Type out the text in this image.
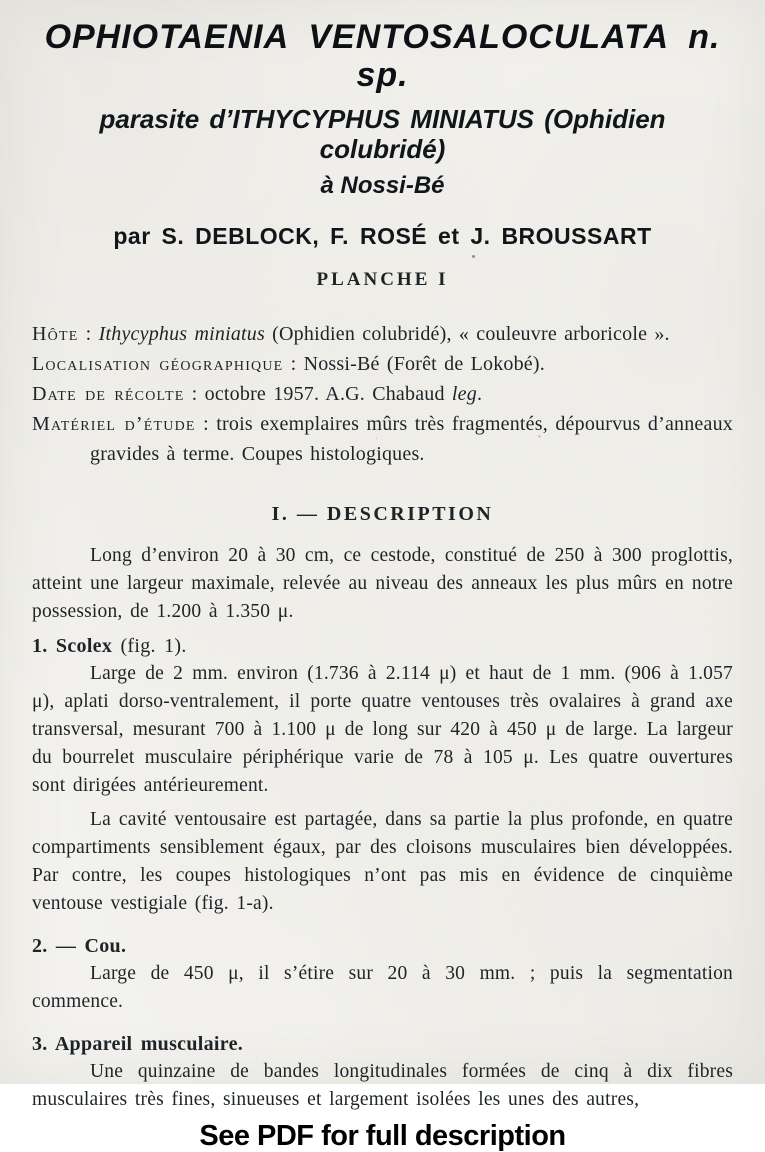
OPHIOTAENIA VENTOSALOCULATA n. sp.
parasite d’ITHYCYPHUS MINIATUS (Ophidien colubridé)
à Nossi-Bé
par S. DEBLOCK, F. ROSÉ et J. BROUSSART
PLANCHE I

Hôte : Ithycyphus miniatus (Ophidien colubridé), « couleuvre arboricole ».

Localisation géographique : Nossi-Bé (Forêt de Lokobé).

Date de récolte : octobre 1957. A.G. Chabaud leg.

Matériel d’étude : trois exemplaires mûrs très fragmentés, dépourvus d’anneaux gravides à terme. Coupes histologiques.

I. — DESCRIPTION

Long d’environ 20 à 30 cm, ce cestode, constitué de 250 à 300 proglottis, atteint une largeur maximale, relevée au niveau des anneaux les plus mûrs en notre possession, de 1.200 à 1.350 μ.

1. Scolex (fig. 1).

Large de 2 mm. environ (1.736 à 2.114 μ) et haut de 1 mm. (906 à 1.057 μ), aplati dorso-ventralement, il porte quatre ventouses très ovalaires à grand axe transversal, mesurant 700 à 1.100 μ de long sur 420 à 450 μ de large. La largeur du bourrelet musculaire périphérique varie de 78 à 105 μ. Les quatre ouvertures sont dirigées antérieurement.

La cavité ventousaire est partagée, dans sa partie la plus profonde, en quatre compartiments sensiblement égaux, par des cloisons musculaires bien développées. Par contre, les coupes histologiques n’ont pas mis en évidence de cinquième ventouse vestigiale (fig. 1-a).

2. — Cou.

Large de 450 μ, il s’étire sur 20 à 30 mm. ; puis la segmentation commence.

3. Appareil musculaire.

Une quinzaine de bandes longitudinales formées de cinq à dix fibres musculaires très fines, sinueuses et largement isolées les unes des autres,

See PDF for full description
